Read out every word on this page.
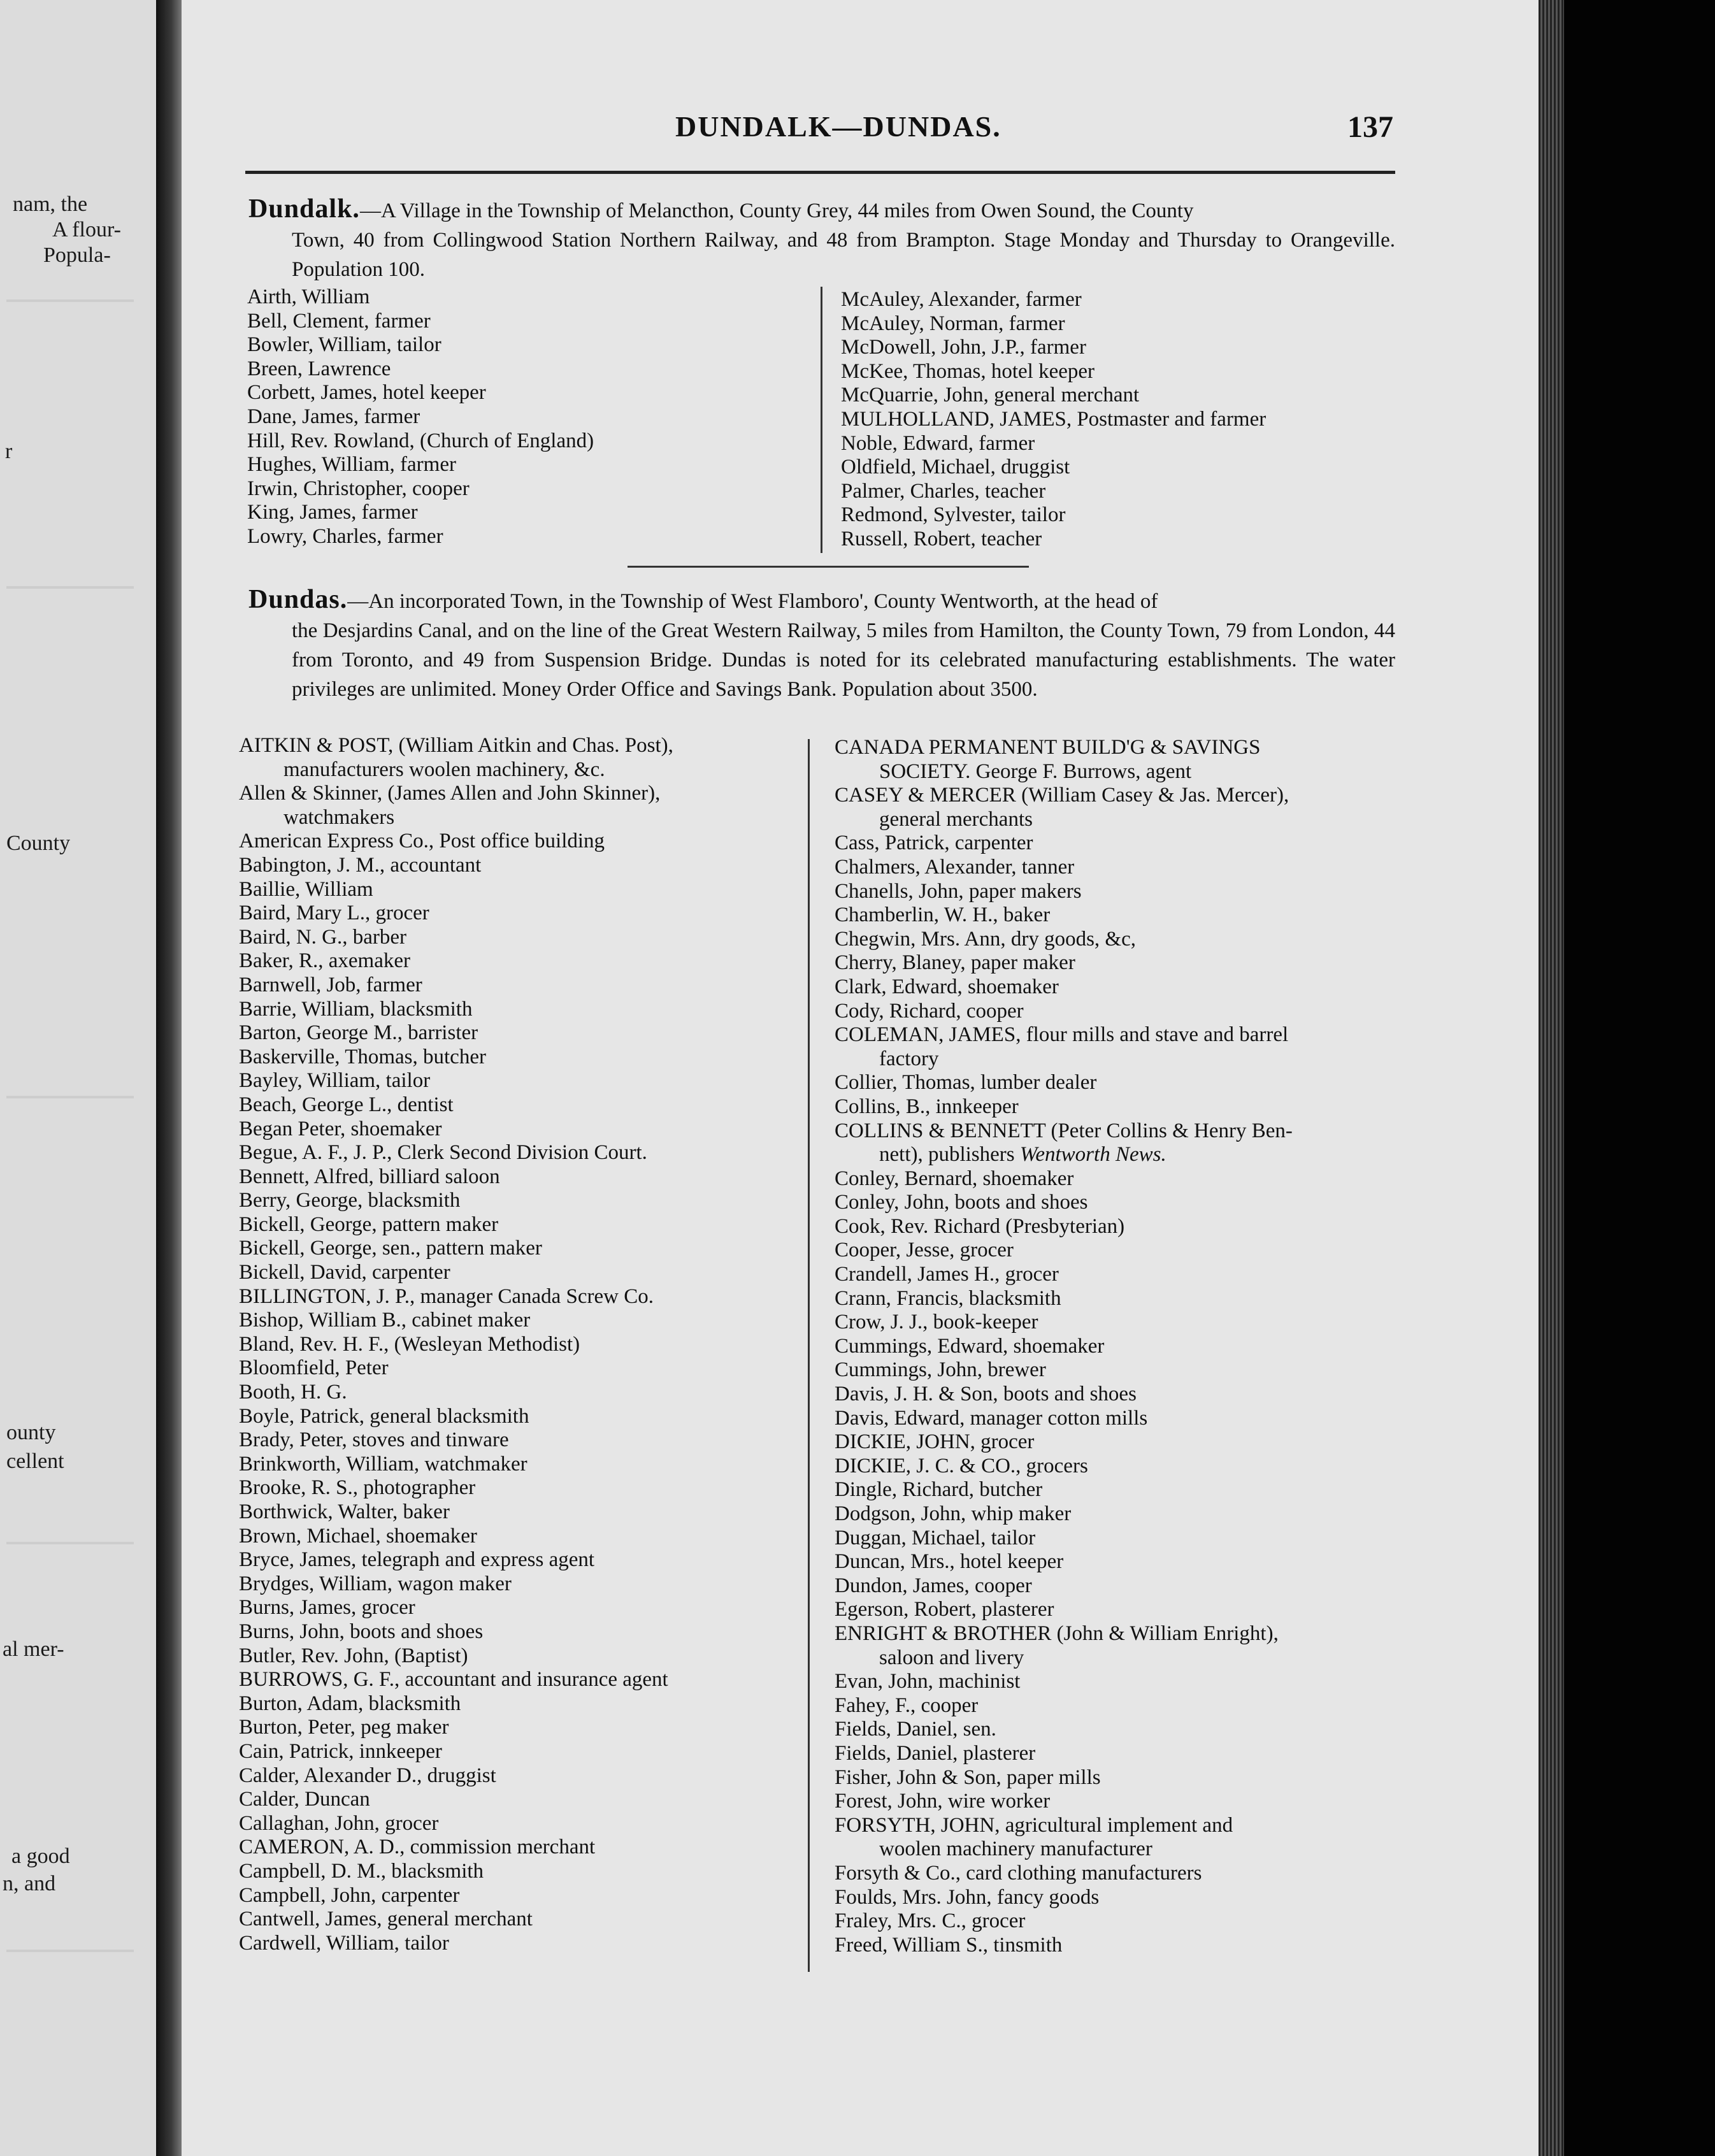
nam, the
A flour-
Popula-
r
County
ounty
cellent
al mer-
a good
n, and
DUNDALK—DUNDAS.	137
Dundalk.—A Village in the Township of Melancthon, County Grey, 44 miles from Owen Sound, the County
Town, 40 from Collingwood Station Northern Railway, and 48 from Brampton. Stage Monday and Thursday to Orangeville. Population 100.
Airth, William
Bell, Clement, farmer
Bowler, William, tailor
Breen, Lawrence
Corbett, James, hotel keeper
Dane, James, farmer
Hill, Rev. Rowland, (Church of England)
Hughes, William, farmer
Irwin, Christopher, cooper
King, James, farmer
Lowry, Charles, farmer
McAuley, Alexander, farmer
McAuley, Norman, farmer
McDowell, John, J.P., farmer
McKee, Thomas, hotel keeper
McQuarrie, John, general merchant
MULHOLLAND, JAMES, Postmaster and farmer
Noble, Edward, farmer
Oldfield, Michael, druggist
Palmer, Charles, teacher
Redmond, Sylvester, tailor
Russell, Robert, teacher
Dundas.—An incorporated Town, in the Township of West Flamboro', County Wentworth, at the head of
the Desjardins Canal, and on the line of the Great Western Railway, 5 miles from Hamilton, the County Town, 79 from London, 44 from Toronto, and 49 from Suspension Bridge. Dundas is noted for its celebrated manufacturing establishments. The water privileges are unlimited. Money Order Office and Savings Bank. Population about 3500.
AITKIN & POST, (William Aitkin and Chas. Post),
manufacturers woolen machinery, &c.
Allen & Skinner, (James Allen and John Skinner),
watchmakers
American Express Co., Post office building
Babington, J. M., accountant
Baillie, William
Baird, Mary L., grocer
Baird, N. G., barber
Baker, R., axemaker
Barnwell, Job, farmer
Barrie, William, blacksmith
Barton, George M., barrister
Baskerville, Thomas, butcher
Bayley, William, tailor
Beach, George L., dentist
Began Peter, shoemaker
Begue, A. F., J. P., Clerk Second Division Court.
Bennett, Alfred, billiard saloon
Berry, George, blacksmith
Bickell, George, pattern maker
Bickell, George, sen., pattern maker
Bickell, David, carpenter
BILLINGTON, J. P., manager Canada Screw Co.
Bishop, William B., cabinet maker
Bland, Rev. H. F., (Wesleyan Methodist)
Bloomfield, Peter
Booth, H. G.
Boyle, Patrick, general blacksmith
Brady, Peter, stoves and tinware
Brinkworth, William, watchmaker
Brooke, R. S., photographer
Borthwick, Walter, baker
Brown, Michael, shoemaker
Bryce, James, telegraph and express agent
Brydges, William, wagon maker
Burns, James, grocer
Burns, John, boots and shoes
Butler, Rev. John, (Baptist)
BURROWS, G. F., accountant and insurance agent
Burton, Adam, blacksmith
Burton, Peter, peg maker
Cain, Patrick, innkeeper
Calder, Alexander D., druggist
Calder, Duncan
Callaghan, John, grocer
CAMERON, A. D., commission merchant
Campbell, D. M., blacksmith
Campbell, John, carpenter
Cantwell, James, general merchant
Cardwell, William, tailor
CANADA PERMANENT BUILD'G & SAVINGS
SOCIETY. George F. Burrows, agent
CASEY & MERCER (William Casey & Jas. Mercer),
general merchants
Cass, Patrick, carpenter
Chalmers, Alexander, tanner
Chanells, John, paper makers
Chamberlin, W. H., baker
Chegwin, Mrs. Ann, dry goods, &c,
Cherry, Blaney, paper maker
Clark, Edward, shoemaker
Cody, Richard, cooper
COLEMAN, JAMES, flour mills and stave and barrel
factory
Collier, Thomas, lumber dealer
Collins, B., innkeeper
COLLINS & BENNETT (Peter Collins & Henry Ben-
nett), publishers Wentworth News.
Conley, Bernard, shoemaker
Conley, John, boots and shoes
Cook, Rev. Richard (Presbyterian)
Cooper, Jesse, grocer
Crandell, James H., grocer
Crann, Francis, blacksmith
Crow, J. J., book-keeper
Cummings, Edward, shoemaker
Cummings, John, brewer
Davis, J. H. & Son, boots and shoes
Davis, Edward, manager cotton mills
DICKIE, JOHN, grocer
DICKIE, J. C. & CO., grocers
Dingle, Richard, butcher
Dodgson, John, whip maker
Duggan, Michael, tailor
Duncan, Mrs., hotel keeper
Dundon, James, cooper
Egerson, Robert, plasterer
ENRIGHT & BROTHER (John & William Enright),
saloon and livery
Evan, John, machinist
Fahey, F., cooper
Fields, Daniel, sen.
Fields, Daniel, plasterer
Fisher, John & Son, paper mills
Forest, John, wire worker
FORSYTH, JOHN, agricultural implement and
woolen machinery manufacturer
Forsyth & Co., card clothing manufacturers
Foulds, Mrs. John, fancy goods
Fraley, Mrs. C., grocer
Freed, William S., tinsmith
